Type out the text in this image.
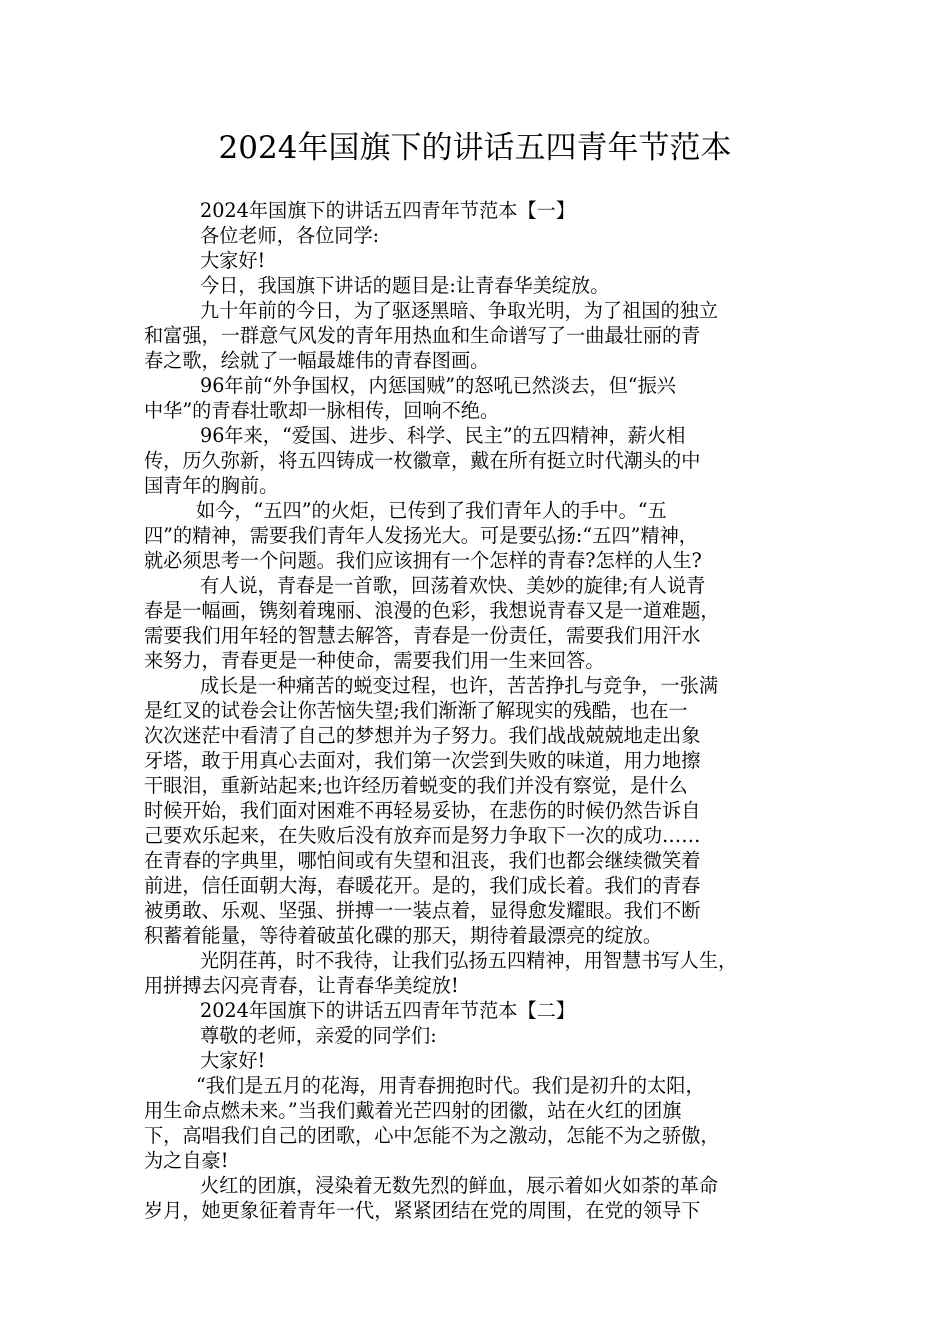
2024年国旗下的讲话五四青年节范本
2024年国旗下的讲话五四青年节范本【一】
各位老师，各位同学:
大家好!
今日，我国旗下讲话的题目是:让青春华美绽放。
九十年前的今日，为了驱逐黑暗、争取光明，为了祖国的独立
和富强，一群意气风发的青年用热血和生命谱写了一曲最壮丽的青
春之歌，绘就了一幅最雄伟的青春图画。
96年前“外争国权，内惩国贼”的怒吼已然淡去，但“振兴
中华”的青春壮歌却一脉相传，回响不绝。
96年来，“爱国、进步、科学、民主”的五四精神，薪火相
传，历久弥新，将五四铸成一枚徽章，戴在所有挺立时代潮头的中
国青年的胸前。
如今，“五四”的火炬，已传到了我们青年人的手中。“五
四”的精神，需要我们青年人发扬光大。可是要弘扬:“五四”精神，
就必须思考一个问题。我们应该拥有一个怎样的青春?怎样的人生?
有人说，青春是一首歌，回荡着欢快、美妙的旋律;有人说青
春是一幅画，镌刻着瑰丽、浪漫的色彩，我想说青春又是一道难题，
需要我们用年轻的智慧去解答，青春是一份责任，需要我们用汗水
来努力，青春更是一种使命，需要我们用一生来回答。
成长是一种痛苦的蜕变过程，也许，苦苦挣扎与竞争，一张满
是红叉的试卷会让你苦恼失望;我们渐渐了解现实的残酷，也在一
次次迷茫中看清了自己的梦想并为子努力。我们战战兢兢地走出象
牙塔，敢于用真心去面对，我们第一次尝到失败的味道，用力地擦
干眼泪，重新站起来;也许经历着蜕变的我们并没有察觉，是什么
时候开始，我们面对困难不再轻易妥协，在悲伤的时候仍然告诉自
己要欢乐起来，在失败后没有放弃而是努力争取下一次的成功……
在青春的字典里，哪怕间或有失望和沮丧，我们也都会继续微笑着
前进，信任面朝大海，春暖花开。是的，我们成长着。我们的青春
被勇敢、乐观、坚强、拼搏一一装点着，显得愈发耀眼。我们不断
积蓄着能量，等待着破茧化碟的那天，期待着最漂亮的绽放。
光阴荏苒，时不我待，让我们弘扬五四精神，用智慧书写人生，
用拼搏去闪亮青春，让青春华美绽放!
2024年国旗下的讲话五四青年节范本【二】
尊敬的老师，亲爱的同学们:
大家好!
“我们是五月的花海，用青春拥抱时代。我们是初升的太阳，
用生命点燃未来。”当我们戴着光芒四射的团徽，站在火红的团旗
下，高唱我们自己的团歌，心中怎能不为之激动，怎能不为之骄傲，
为之自豪!
火红的团旗，浸染着无数先烈的鲜血，展示着如火如荼的革命
岁月，她更象征着青年一代，紧紧团结在党的周围，在党的领导下
